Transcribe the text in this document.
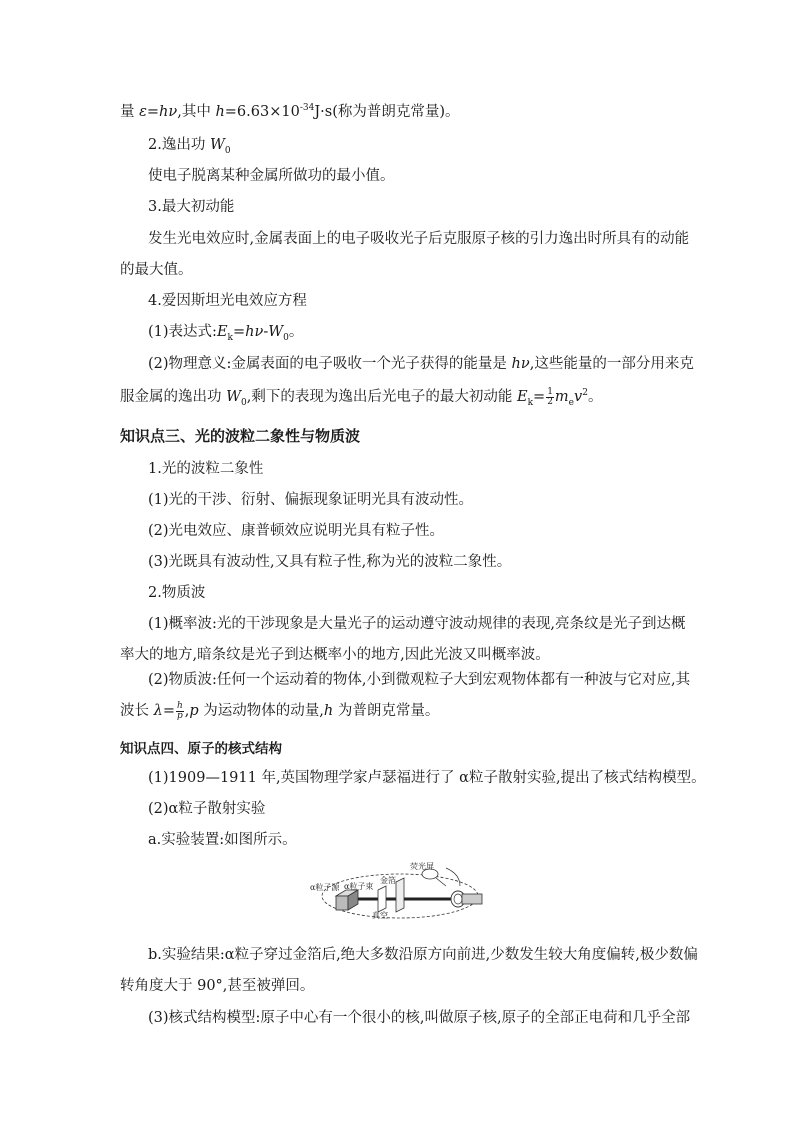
量 ε=hν,其中 $h=6.63\times 10^{-34}J\cdot s$(称为普朗克常量)。
2.逸出功 $W_0$
使电子脱离某种金属所做功的最小值。
3.最大初动能
发生光电效应时,金属表面上的电子吸收光子后克服原子核的引力逸出时所具有的动能
的最大值。
4.爱因斯坦光电效应方程
(1)表达式$:E_k=h\nu-W_0$。
(2)物理意义:金属表面的电子吸收一个光子获得的能量是 hν,这些能量的一部分用来克
服金属的逸出功 $W_0$,剩下的表现为逸出后光电子的最大初动能 $E_k= \frac{1}{2} m_ev^2$。
知识点三、光的波粒二象性与物质波
1.光的波粒二象性
(1)光的干涉、衍射、偏振现象证明光具有波动性。
(2)光电效应、康普顿效应说明光具有粒子性。
(3)光既具有波动性,又具有粒子性,称为光的波粒二象性。
2.物质波
(1)概率波:光的干涉现象是大量光子的运动遵守波动规律的表现,亮条纹是光子到达概
率大的地方,暗条纹是光子到达概率小的地方,因此光波又叫概率波。
(2)物质波:任何一个运动着的物体,小到微观粒子大到宏观物体都有一种波与它对应,其
波长 $\lambda= \frac{h}{p} ,p$ 为运动物体的动量,h 为普朗克常量。
知识点四、原子的核式结构
(1)1909—1911 年,英国物理学家卢瑟福进行了 α粒子散射实验,提出了核式结构模型。
(2)α粒子散射实验
a.实验装置:如图所示。
荧光屏
α粒子源
金箔
α粒子束
真空
b.实验结果:α粒子穿过金箔后,绝大多数沿原方向前进,少数发生较大角度偏转,极少数偏
转角度大于 90°,甚至被弹回。
(3)核式结构模型:原子中心有一个很小的核,叫做原子核,原子的全部正电荷和几乎全部
